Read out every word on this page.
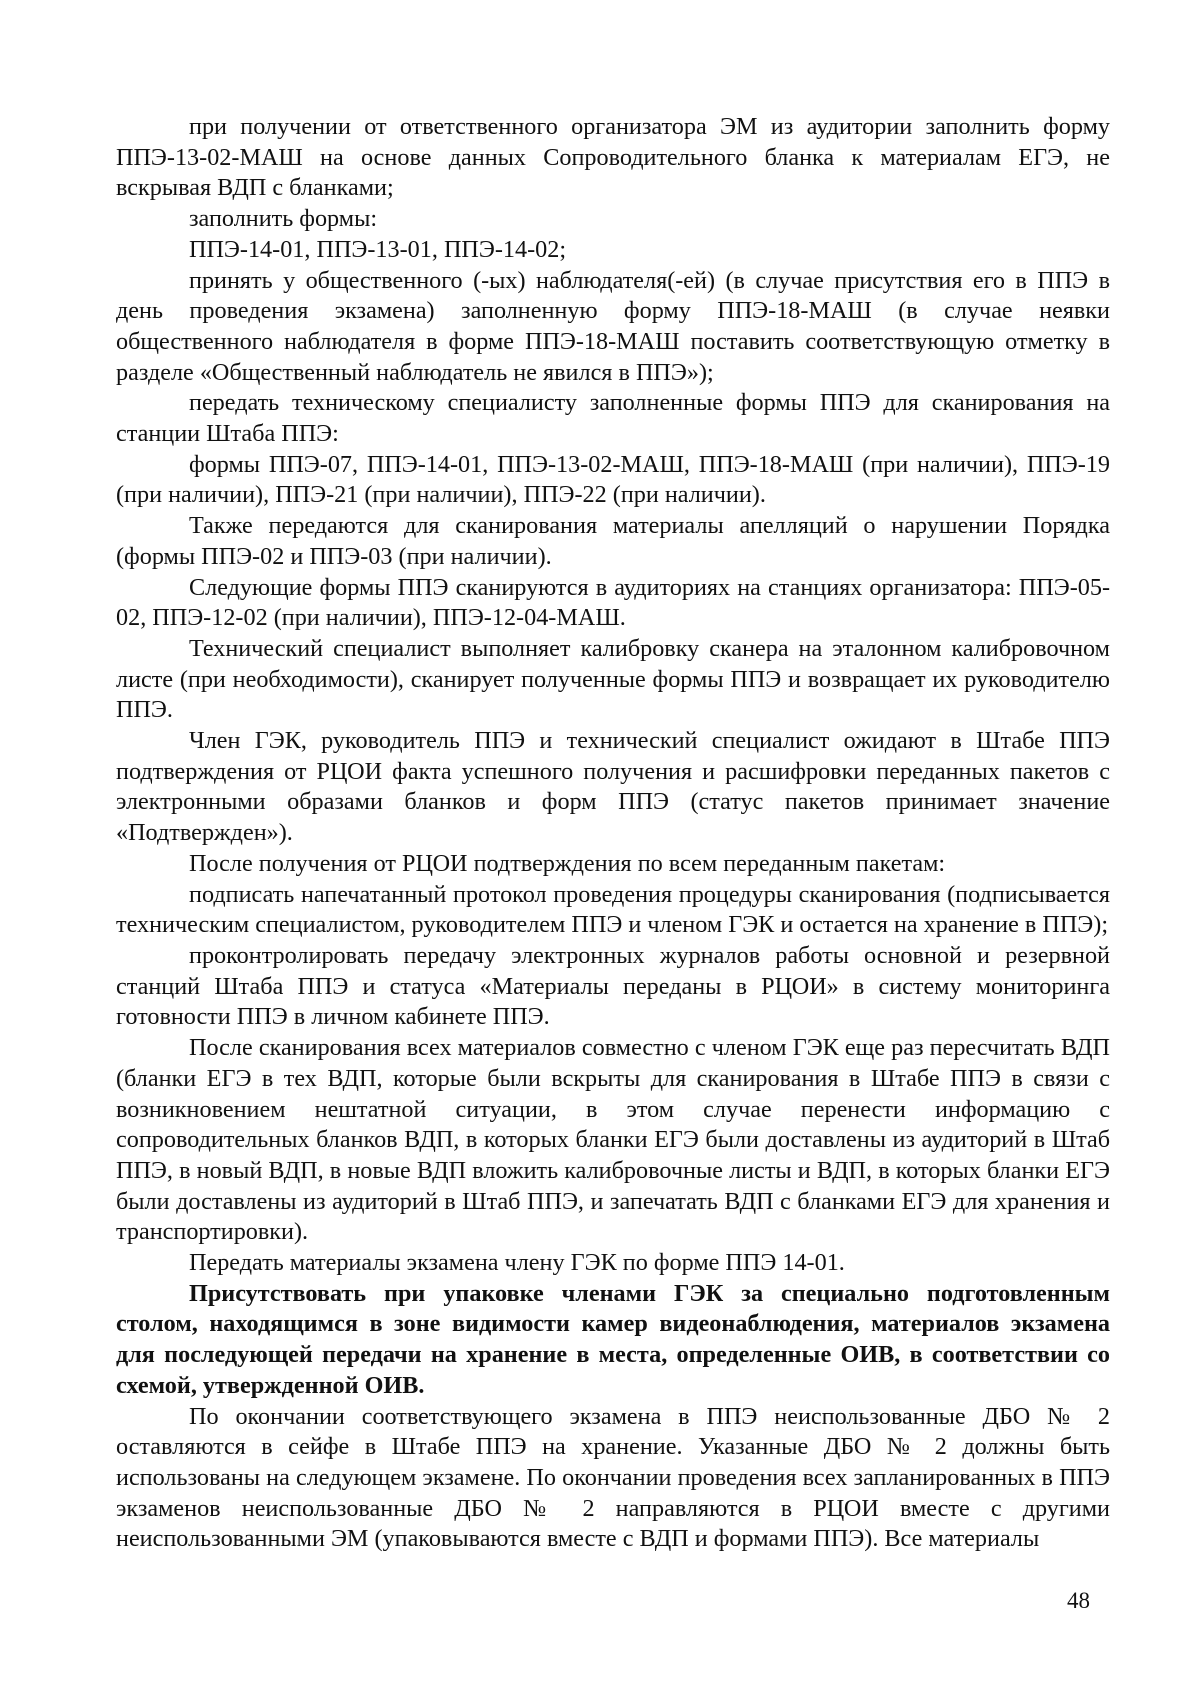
при получении от ответственного организатора ЭМ из аудитории заполнить форму ППЭ-13-02-МАШ на основе данных Сопроводительного бланка к материалам ЕГЭ, не вскрывая ВДП с бланками;

заполнить формы:

ППЭ-14-01, ППЭ-13-01, ППЭ-14-02;

принять у общественного (-ых) наблюдателя(-ей) (в случае присутствия его в ППЭ в день проведения экзамена) заполненную форму ППЭ-18-МАШ (в случае неявки общественного наблюдателя в форме ППЭ-18-МАШ поставить соответствующую отметку в разделе «Общественный наблюдатель не явился в ППЭ»);

передать техническому специалисту заполненные формы ППЭ для сканирования на станции Штаба ППЭ:

формы ППЭ-07, ППЭ-14-01, ППЭ-13-02-МАШ, ППЭ-18-МАШ (при наличии), ППЭ-19 (при наличии), ППЭ-21 (при наличии), ППЭ-22 (при наличии).

Также передаются для сканирования материалы апелляций о нарушении Порядка (формы ППЭ-02 и ППЭ-03 (при наличии).

Следующие формы ППЭ сканируются в аудиториях на станциях организатора: ППЭ-05-02, ППЭ-12-02 (при наличии), ППЭ-12-04-МАШ.

Технический специалист выполняет калибровку сканера на эталонном калибровочном листе (при необходимости), сканирует полученные формы ППЭ и возвращает их руководителю ППЭ.

Член ГЭК, руководитель ППЭ и технический специалист ожидают в Штабе ППЭ подтверждения от РЦОИ факта успешного получения и расшифровки переданных пакетов с электронными образами бланков и форм ППЭ (статус пакетов принимает значение «Подтвержден»).

После получения от РЦОИ подтверждения по всем переданным пакетам:

подписать напечатанный протокол проведения процедуры сканирования (подписывается техническим специалистом, руководителем ППЭ и членом ГЭК и остается на хранение в ППЭ);

проконтролировать передачу электронных журналов работы основной и резервной станций Штаба ППЭ и статуса «Материалы переданы в РЦОИ» в систему мониторинга готовности ППЭ в личном кабинете ППЭ.

После сканирования всех материалов совместно с членом ГЭК еще раз пересчитать ВДП (бланки ЕГЭ в тех ВДП, которые были вскрыты для сканирования в Штабе ППЭ в связи с возникновением нештатной ситуации, в этом случае перенести информацию с сопроводительных бланков ВДП, в которых бланки ЕГЭ были доставлены из аудиторий в Штаб ППЭ, в новый ВДП, в новые ВДП вложить калибровочные листы и ВДП, в которых бланки ЕГЭ были доставлены из аудиторий в Штаб ППЭ, и запечатать ВДП с бланками ЕГЭ для хранения и транспортировки).

Передать материалы экзамена члену ГЭК по форме ППЭ 14-01.

Присутствовать при упаковке членами ГЭК за специально подготовленным столом, находящимся в зоне видимости камер видеонаблюдения, материалов экзамена для последующей передачи на хранение в места, определенные ОИВ, в соответствии со схемой, утвержденной ОИВ.

По окончании соответствующего экзамена в ППЭ неиспользованные ДБО № 2 оставляются в сейфе в Штабе ППЭ на хранение. Указанные ДБО № 2 должны быть использованы на следующем экзамене. По окончании проведения всех запланированных в ППЭ экзаменов неиспользованные ДБО № 2 направляются в РЦОИ вместе с другими неиспользованными ЭМ (упаковываются вместе с ВДП и формами ППЭ). Все материалы

48
